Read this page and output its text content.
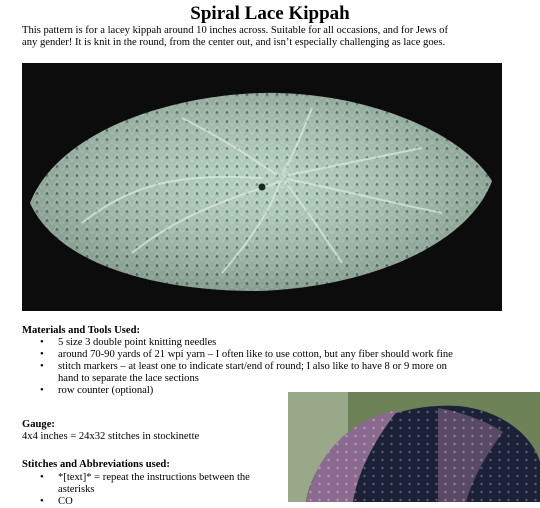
Spiral Lace Kippah
This pattern is for a lacey kippah around 10 inches across. Suitable for all occasions, and for Jews of
any gender! It is knit in the round, from the center out, and isn’t especially challenging as lace goes.
Materials and Tools Used:
• 5 size 3 double point knitting needles
• around 70-90 yards of 21 wpi yarn – I often like to use cotton, but any fiber should work fine
• stitch markers – at least one to indicate start/end of round; I also like to have 8 or 9 more on
hand to separate the lace sections
• row counter (optional)
Gauge:
4x4 inches = 24x32 stitches in stockinette
Stitches and Abbreviations used:
• *[text]* = repeat the instructions between the
asterisks
• CO
